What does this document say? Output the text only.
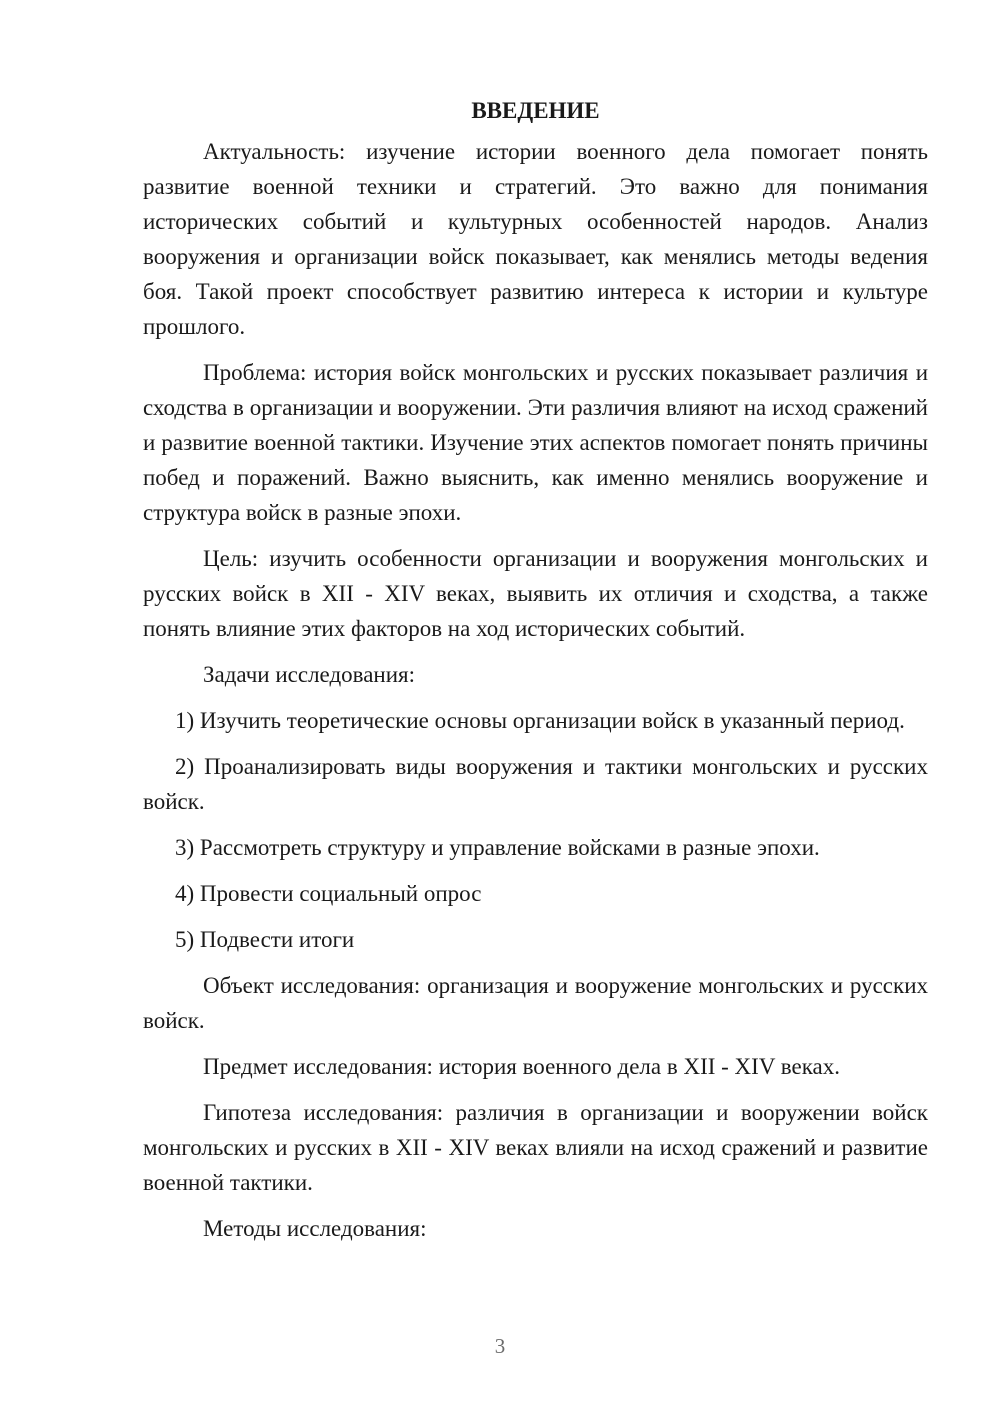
ВВЕДЕНИЕ

Актуальность: изучение истории военного дела помогает понять развитие военной техники и стратегий. Это важно для понимания исторических событий и культурных особенностей народов. Анализ вооружения и организации войск показывает, как менялись методы ведения боя. Такой проект способствует развитию интереса к истории и культуре прошлого.

Проблема: история войск монгольских и русских показывает различия и сходства в организации и вооружении. Эти различия влияют на исход сражений и развитие военной тактики. Изучение этих аспектов помогает понять причины побед и поражений. Важно выяснить, как именно менялись вооружение и структура войск в разные эпохи.

Цель: изучить особенности организации и вооружения монгольских и русских войск в XII - XIV веках, выявить их отличия и сходства, а также понять влияние этих факторов на ход исторических событий.

Задачи исследования:

1) Изучить теоретические основы организации войск в указанный период.

2) Проанализировать виды вооружения и тактики монгольских и русских войск.

3) Рассмотреть структуру и управление войсками в разные эпохи.

4) Провести социальный опрос

5) Подвести итоги

Объект исследования: организация и вооружение монгольских и русских войск.

Предмет исследования: история военного дела в XII - XIV веках.

Гипотеза исследования: различия в организации и вооружении войск монгольских и русских в XII - XIV веках влияли на исход сражений и развитие военной тактики.

Методы исследования:

3
